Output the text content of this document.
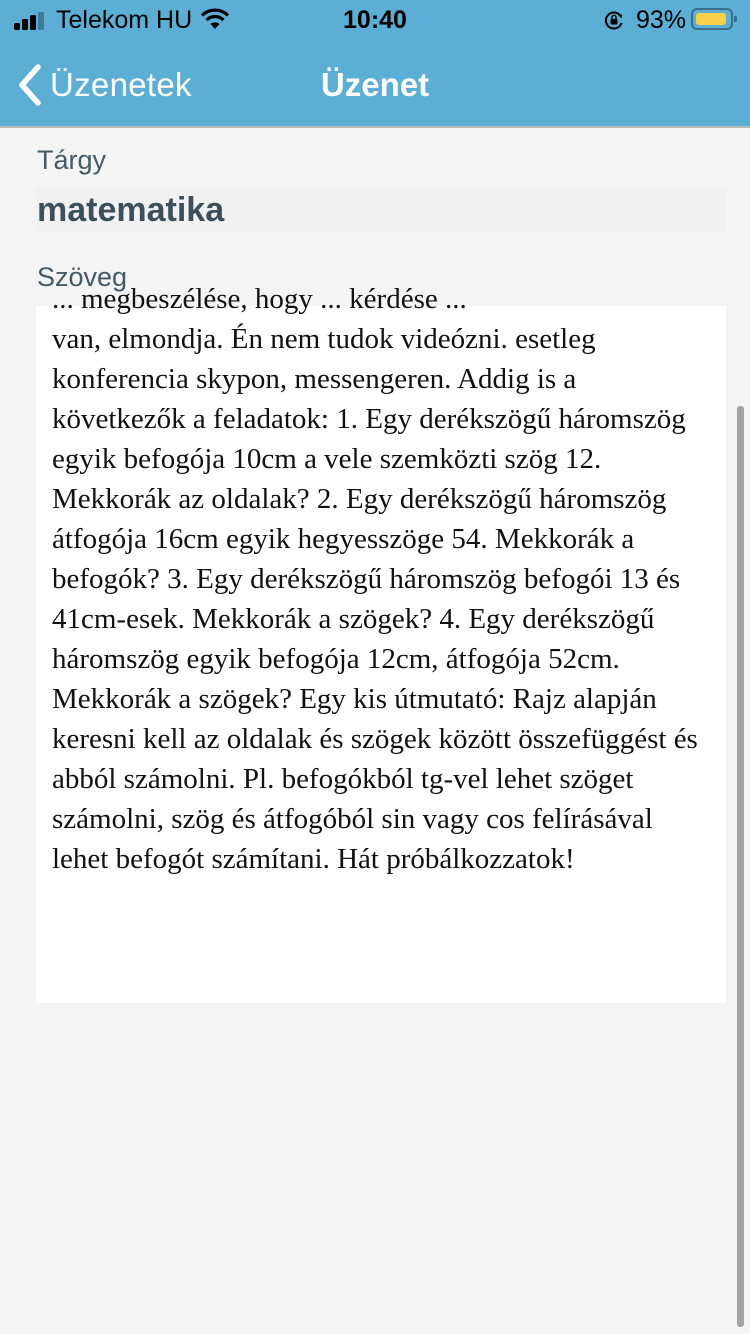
Telekom HU	10:40	93%
Üzenetek	Üzenet
Tárgy
matematika
Szöveg
... megbeszélése, hogy ... kérdése ...
van, elmondja. Én nem tudok videózni. esetleg konferencia skypon, messengeren. Addig is a következők a feladatok: 1. Egy derékszögű háromszög egyik befogója 10cm a vele szemközti szög 12. Mekkorák az oldalak? 2. Egy derékszögű háromszög átfogója 16cm egyik hegyesszöge 54. Mekkorák a befogók? 3. Egy derékszögű háromszög befogói 13 és 41cm-esek. Mekkorák a szögek? 4. Egy derékszögű háromszög egyik befogója 12cm, átfogója 52cm. Mekkorák a szögek? Egy kis útmutató: Rajz alapján keresni kell az oldalak és szögek között összefüggést és abból számolni. Pl. befogókból tg-vel lehet szöget számolni, szög és átfogóból sin vagy cos felírásával lehet befogót számítani. Hát próbálkozzatok!
